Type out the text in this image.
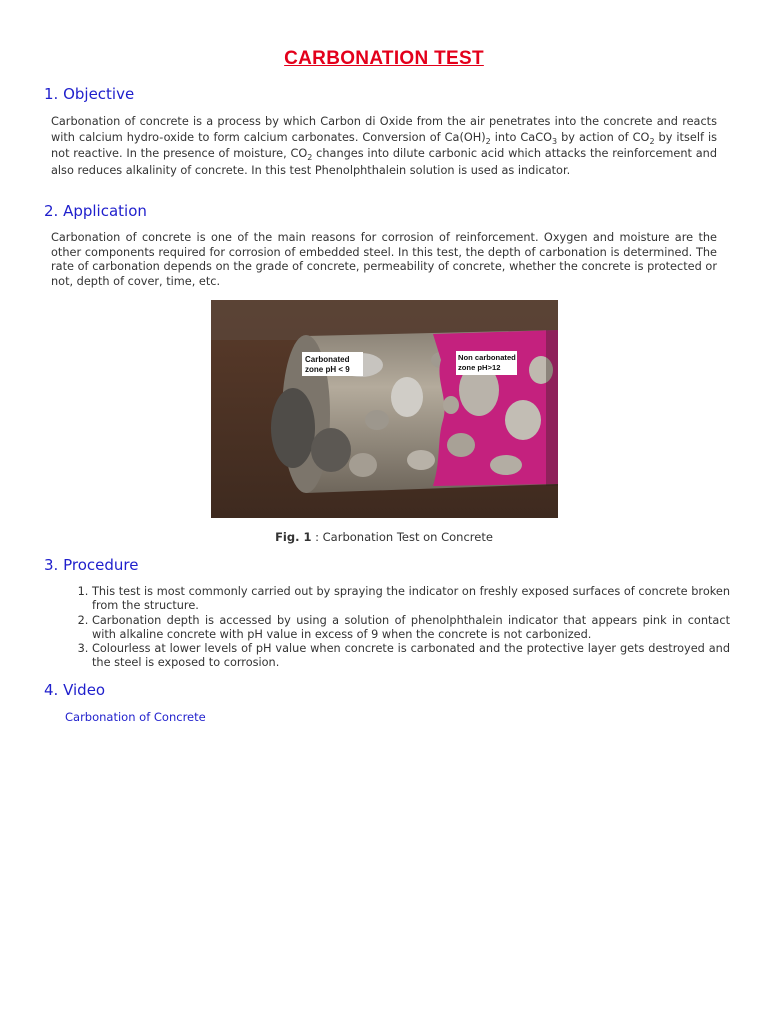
CARBONATION TEST
1. Objective

Carbonation of concrete is a process by which Carbon di Oxide from the air penetrates into the concrete and reacts with calcium hydro-oxide to form calcium carbonates. Conversion of $Ca(OH)_2$ into CaCO$_3$ by action of $CO_2$ by itself is not reactive. In the presence of moisture, $CO_2$ changes into dilute carbonic acid which attacks the reinforcement and also reduces alkalinity of concrete. In this test Phenolphthalein solution is used as indicator.

2. Application

Carbonation of concrete is one of the main reasons for corrosion of reinforcement. Oxygen and moisture are the other components required for corrosion of embedded steel. In this test, the depth of carbonation is determined. The rate of carbonation depends on the grade of concrete, permeability of concrete, whether the concrete is protected or not, depth of cover, time, etc.

Carbonated
zone pH < 9
Non carbonated
zone pH>12
Fig. 1 : Carbonation Test on Concrete
3. Procedure
1. This test is most commonly carried out by spraying the indicator on freshly exposed surfaces of concrete broken from the structure.
2. Carbonation depth is accessed by using a solution of phenolphthalein indicator that appears pink in contact with alkaline concrete with pH value in excess of 9 when the concrete is not carbonized.
3. Colourless at lower levels of pH value when concrete is carbonated and the protective layer gets destroyed and the steel is exposed to corrosion.
4. Video
Carbonation of Concrete
